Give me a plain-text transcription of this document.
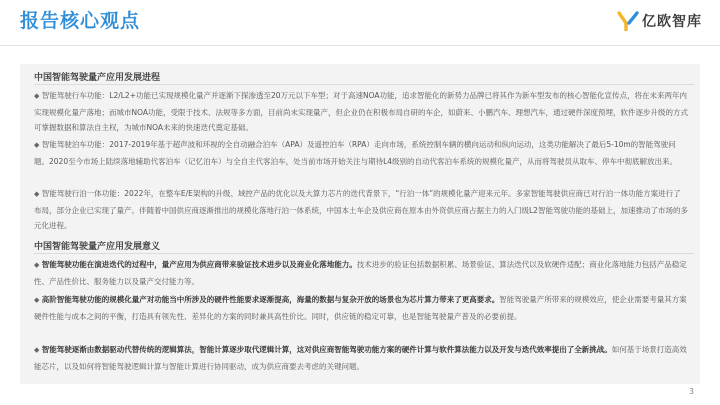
报告核心观点	亿欧智库
中国智能驾驶量产应用发展进程
◆ 智能驾驶行车功能：L2/L2+功能已实现规模化量产并逐渐下探渗透至20万元以下车型；对于高速NOA功能，追求智能化的新势力品牌已将其作为新车型发布的核心智能化宣传点，将在未来两年内实现规模化量产落地；而城市NOA功能，受限于技术、法规等多方面，目前尚未实现量产，但企业仍在积极布局自研的车企，如蔚来、小鹏汽车、理想汽车，通过硬件深度预埋，软件逐步升级的方式可掌握数据和算法自主权，为城市NOA未来的快速迭代奠定基础。
◆ 智能驾驶泊车功能：2017-2019年基于超声波和环视的全自动融合泊车（APA）及遥控泊车（RPA）走向市场，系统控制车辆的横向运动和纵向运动，这类功能解决了最后5-10m的智能驾驶问题。2020至今市场上陆续落地辅助代客泊车（记忆泊车）与全自主代客泊车，处当前市场开始关注与期待L4级别的自动代客泊车系统的规模化量产，从而将驾驶员从取车、停车中彻底解放出来。
◆ 智能驾驶行泊一体功能：2022年，在整车E/E架构的升级、域控产品的优化以及大算力芯片的迭代背景下，“行泊一体”的规模化量产迎来元年。多家智能驾驶供应商已对行泊一体功能方案进行了布局，部分企业已实现了量产。伴随着中国供应商逐渐推出的规模化落地行泊一体系统，中国本土车企及供应商在原本由外资供应商占据主力的入门级L2智能驾驶功能的基础上，加速推动了市场的多元化进程。
中国智能驾驶量产应用发展意义
◆ 智能驾驶功能在演进迭代的过程中，量产应用为供应商带来验证技术进步以及商业化落地能力。技术进步的验证包括数据积累、场景验证、算法迭代以及软硬件适配；商业化落地能力包括产品稳定性、产品性价比、服务能力以及量产交付能力等。
◆ 高阶智能驾驶功能的规模化量产对功能当中所涉及的硬件性能要求逐渐提高，海量的数据与复杂开放的场景也为芯片算力带来了更高要求。智能驾驶量产所带来的规模效应，使企业需要考量其方案硬件性能与成本之间的平衡，打造具有领先性、差异化的方案的同时兼具高性价比。同时，供应链的稳定可靠，也是智能驾驶量产普及的必要前提。
◆ 智能驾驶逐渐由数据驱动代替传统的逻辑算法，智能计算逐步取代逻辑计算，这对供应商智能驾驶功能方案的硬件计算与软件算法能力以及开发与迭代效率提出了全新挑战。如何基于场景打造高效能芯片，以及如何将智能驾驶逻辑计算与智能计算进行协同驱动，成为供应商要去考虑的关键问题。
3
